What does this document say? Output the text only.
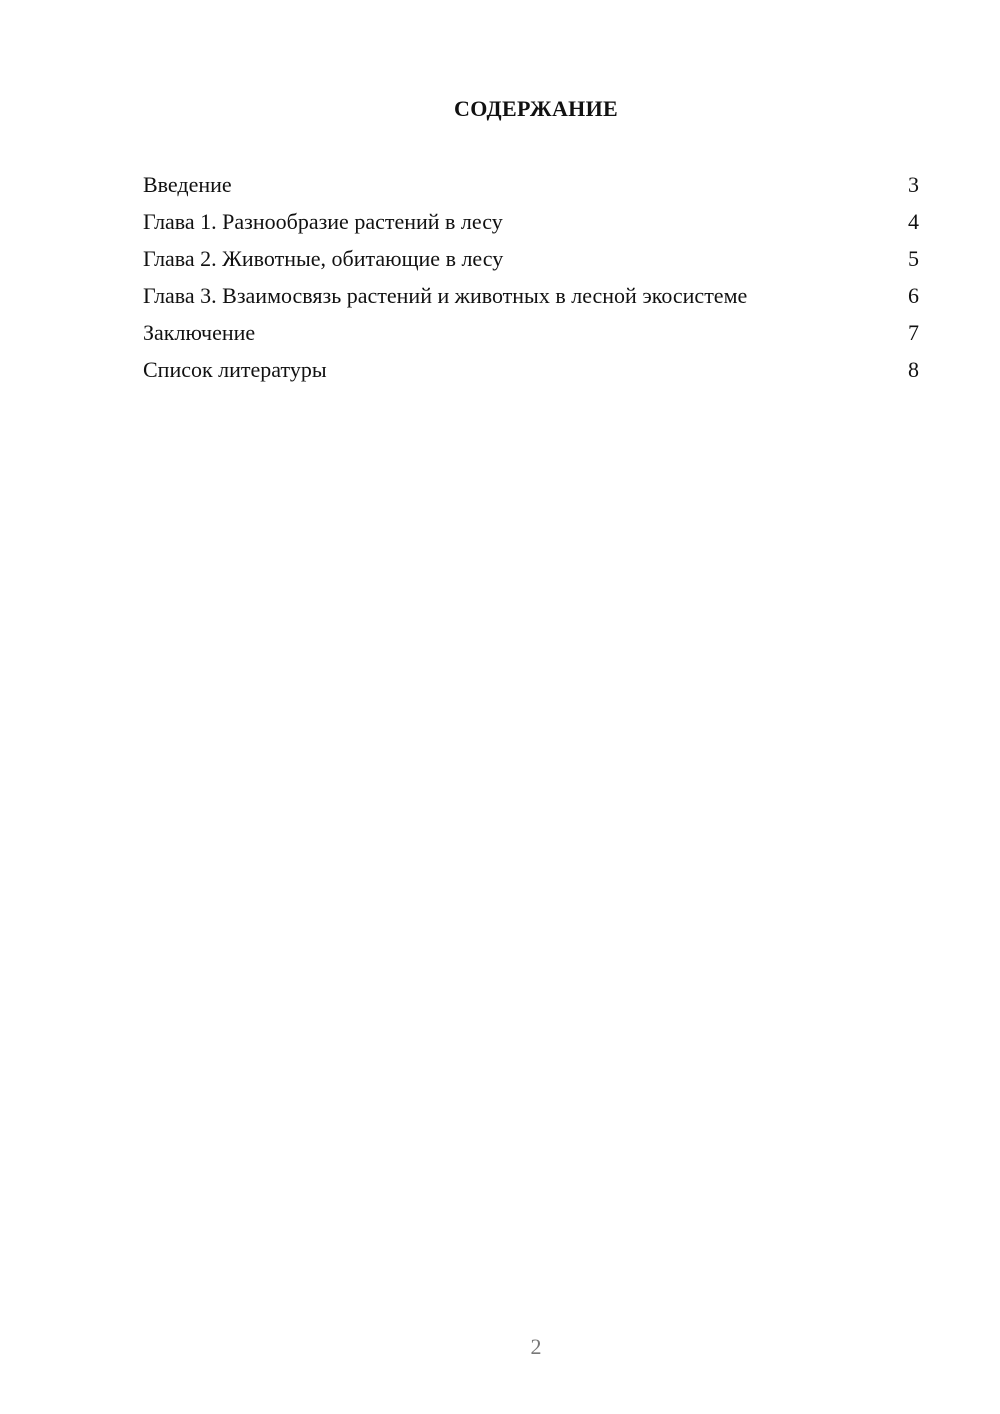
СОДЕРЖАНИЕ
Введение	3
Глава 1. Разнообразие растений в лесу	4
Глава 2. Животные, обитающие в лесу	5
Глава 3. Взаимосвязь растений и животных в лесной экосистеме	6
Заключение	7
Список литературы	8
2
